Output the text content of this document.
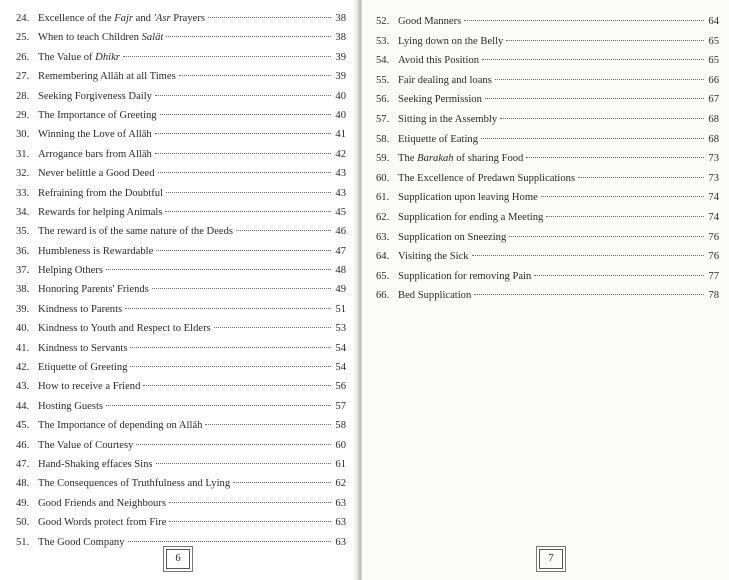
24. Excellence of the Fajr and 'Asr Prayers	38
25. When to teach Children Salāt	38
26. The Value of Dhikr	39
27. Remembering Allāh at all Times	39
28. Seeking Forgiveness Daily	40
29. The Importance of Greeting	40
30. Winning the Love of Allāh	41
31. Arrogance bars from Allāh	42
32. Never belittle a Good Deed	43
33. Refraining from the Doubtful	43
34. Rewards for helping Animals	45
35. The reward is of the same nature of the Deeds	46
36. Humbleness is Rewardable	47
37. Helping Others	48
38. Honoring Parents' Friends	49
39. Kindness to Parents	51
40. Kindness to Youth and Respect to Elders	53
41. Kindness to Servants	54
42. Etiquette of Greeting	54
43. How to receive a Friend	56
44. Hosting Guests	57
45. The Importance of depending on Allāh	58
46. The Value of Courtesy	60
47. Hand-Shaking effaces Sins	61
48. The Consequences of Truthfulness and Lying	62
49. Good Friends and Neighbours	63
50. Good Words protect from Fire	63
51. The Good Company	63
6
52. Good Manners	64
53. Lying down on the Belly	65
54. Avoid this Position	65
55. Fair dealing and loans	66
56. Seeking Permission	67
57. Sitting in the Assembly	68
58. Etiquette of Eating	68
59. The Barakah of sharing Food	73
60. The Excellence of Predawn Supplications	73
61. Supplication upon leaving Home	74
62. Supplication for ending a Meeting	74
63. Supplication on Sneezing	76
64. Visiting the Sick	76
65. Supplication for removing Pain	77
66. Bed Supplication	78
7
